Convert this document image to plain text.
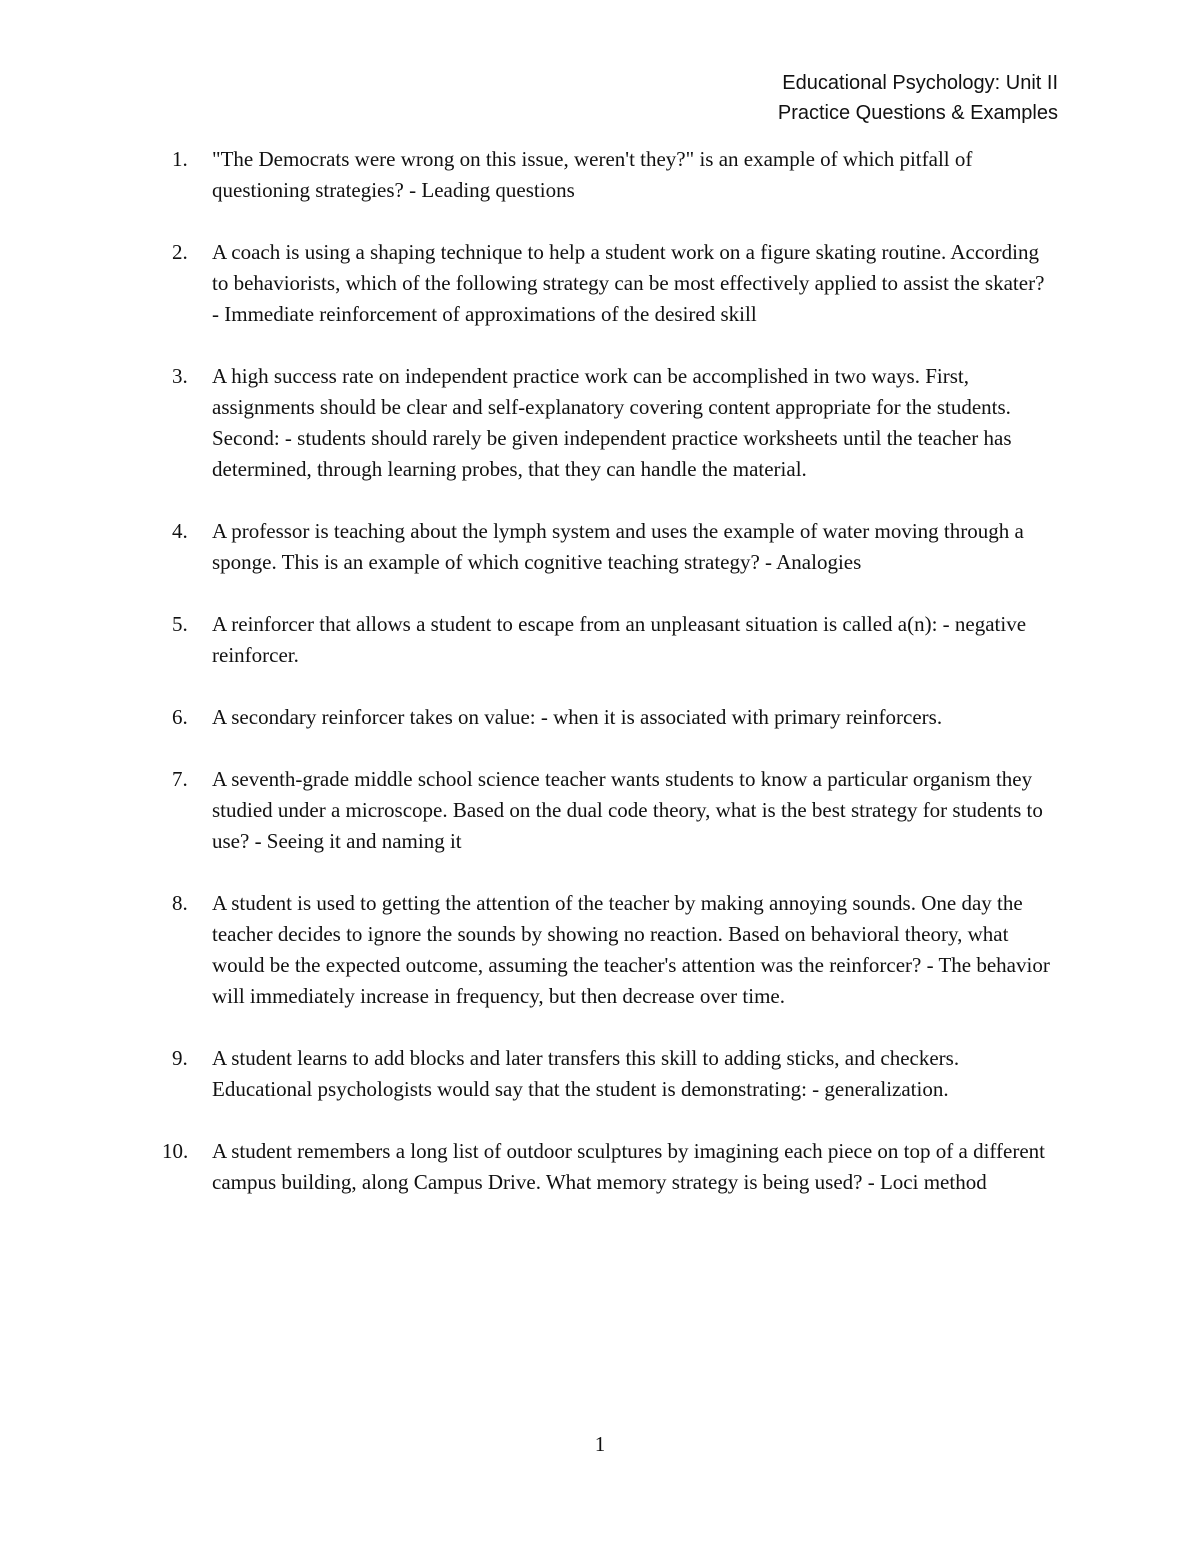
Educational Psychology: Unit II
Practice Questions & Examples
1. "The Democrats were wrong on this issue, weren't they?" is an example of which pitfall of questioning strategies? - Leading questions
2. A coach is using a shaping technique to help a student work on a figure skating routine. According to behaviorists, which of the following strategy can be most effectively applied to assist the skater? - Immediate reinforcement of approximations of the desired skill
3. A high success rate on independent practice work can be accomplished in two ways. First, assignments should be clear and self-explanatory covering content appropriate for the students. Second: - students should rarely be given independent practice worksheets until the teacher has determined, through learning probes, that they can handle the material.
4. A professor is teaching about the lymph system and uses the example of water moving through a sponge. This is an example of which cognitive teaching strategy? - Analogies
5. A reinforcer that allows a student to escape from an unpleasant situation is called a(n): - negative reinforcer.
6. A secondary reinforcer takes on value: - when it is associated with primary reinforcers.
7. A seventh-grade middle school science teacher wants students to know a particular organism they studied under a microscope. Based on the dual code theory, what is the best strategy for students to use? - Seeing it and naming it
8. A student is used to getting the attention of the teacher by making annoying sounds. One day the teacher decides to ignore the sounds by showing no reaction. Based on behavioral theory, what would be the expected outcome, assuming the teacher's attention was the reinforcer? - The behavior will immediately increase in frequency, but then decrease over time.
9. A student learns to add blocks and later transfers this skill to adding sticks, and checkers. Educational psychologists would say that the student is demonstrating: - generalization.
10. A student remembers a long list of outdoor sculptures by imagining each piece on top of a different campus building, along Campus Drive. What memory strategy is being used? - Loci method
1
